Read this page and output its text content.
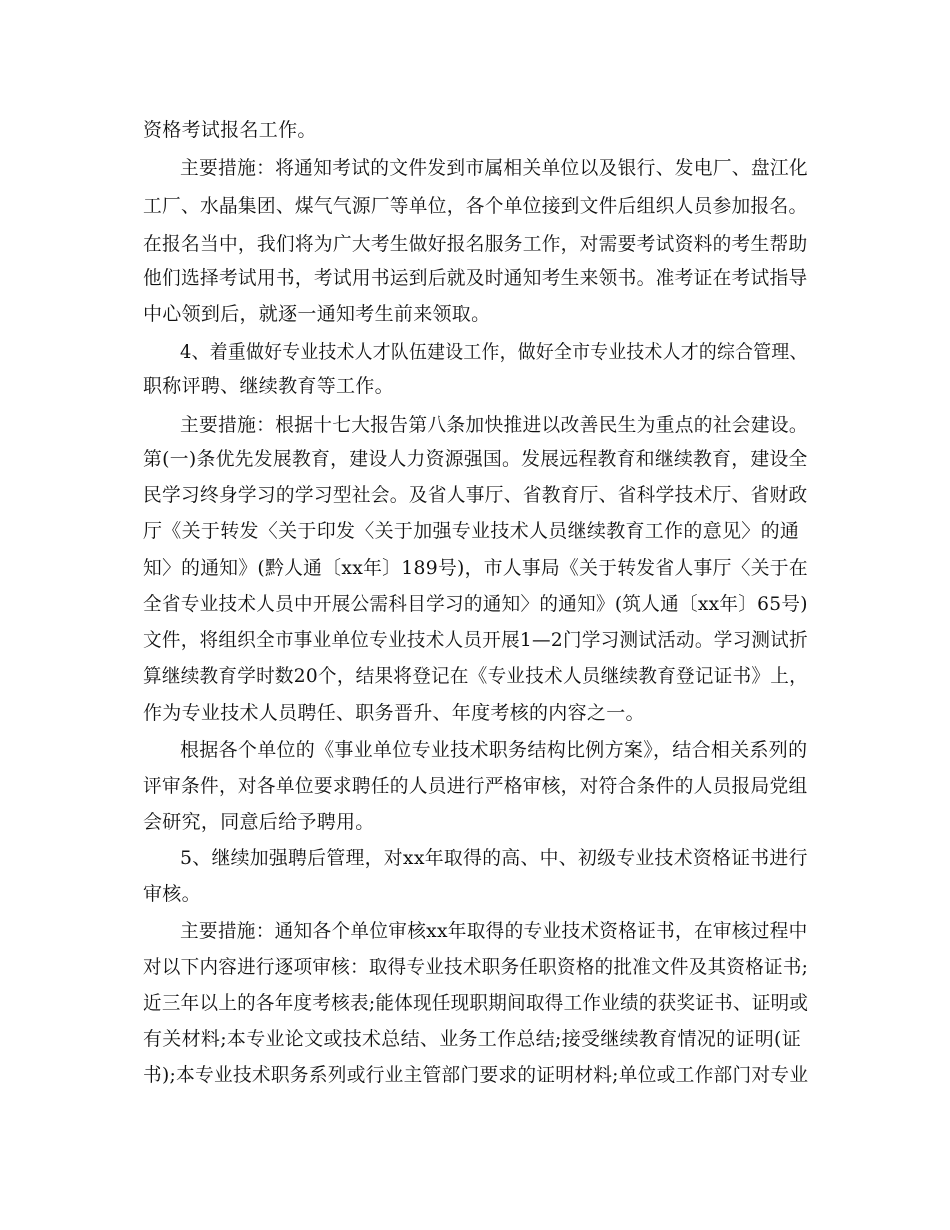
资格考试报名工作。
主要措施：将通知考试的文件发到市属相关单位以及银行、发电厂、盘江化
工厂、水晶集团、煤气气源厂等单位，各个单位接到文件后组织人员参加报名。
在报名当中，我们将为广大考生做好报名服务工作，对需要考试资料的考生帮助
他们选择考试用书，考试用书运到后就及时通知考生来领书。准考证在考试指导
中心领到后，就逐一通知考生前来领取。
4、着重做好专业技术人才队伍建设工作，做好全市专业技术人才的综合管理、
职称评聘、继续教育等工作。
主要措施：根据十七大报告第八条加快推进以改善民生为重点的社会建设。
第(一)条优先发展教育，建设人力资源强国。发展远程教育和继续教育，建设全
民学习终身学习的学习型社会。及省人事厅、省教育厅、省科学技术厅、省财政
厅《关于转发〈关于印发〈关于加强专业技术人员继续教育工作的意见〉的通
知〉的通知》(黔人通〔xx年〕189号)，市人事局《关于转发省人事厅〈关于在
全省专业技术人员中开展公需科目学习的通知〉的通知》(筑人通〔xx年〕65号)
文件，将组织全市事业单位专业技术人员开展1—2门学习测试活动。学习测试折
算继续教育学时数20个，结果将登记在《专业技术人员继续教育登记证书》上，
作为专业技术人员聘任、职务晋升、年度考核的内容之一。
根据各个单位的《事业单位专业技术职务结构比例方案》，结合相关系列的
评审条件，对各单位要求聘任的人员进行严格审核，对符合条件的人员报局党组
会研究，同意后给予聘用。
5、继续加强聘后管理，对xx年取得的高、中、初级专业技术资格证书进行
审核。
主要措施：通知各个单位审核xx年取得的专业技术资格证书，在审核过程中
对以下内容进行逐项审核：取得专业技术职务任职资格的批准文件及其资格证书;
近三年以上的各年度考核表;能体现任现职期间取得工作业绩的获奖证书、证明或
有关材料;本专业论文或技术总结、业务工作总结;接受继续教育情况的证明(证
书);本专业技术职务系列或行业主管部门要求的证明材料;单位或工作部门对专业
